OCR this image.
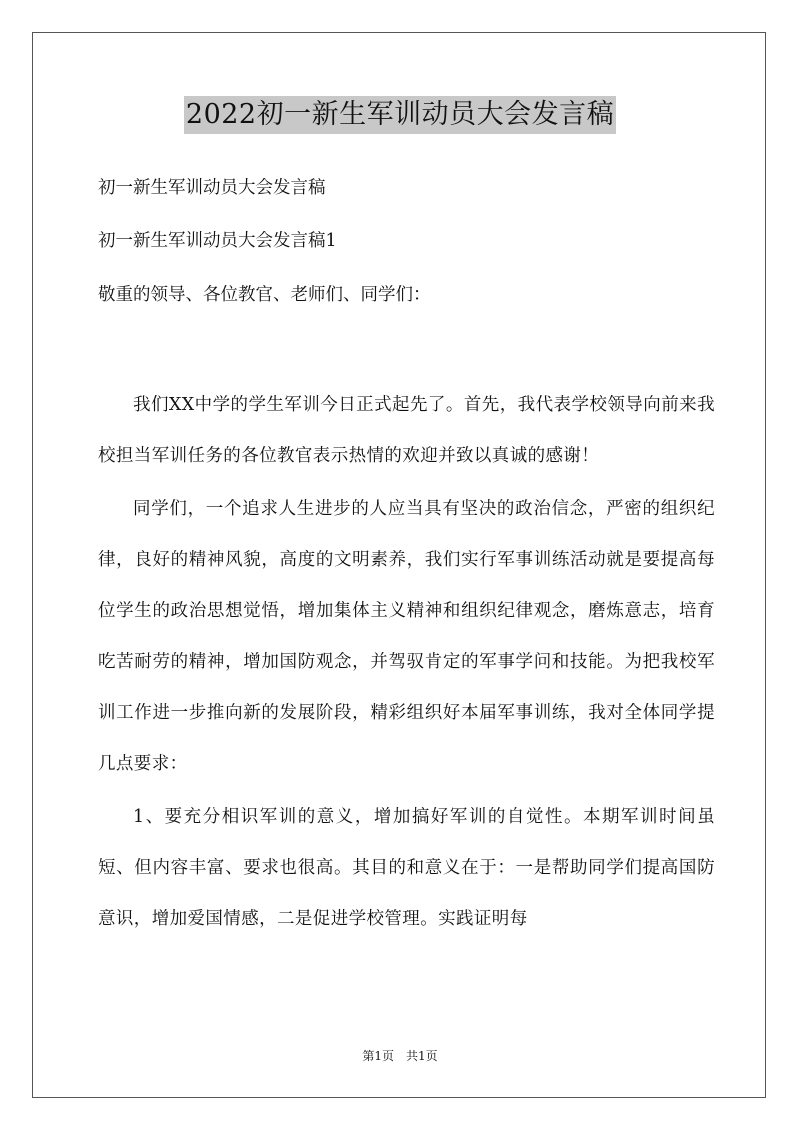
2022初一新生军训动员大会发言稿
初一新生军训动员大会发言稿
初一新生军训动员大会发言稿1
敬重的领导、各位教官、老师们、同学们：

我们XX中学的学生军训今日正式起先了。首先，我代表学校领导向前来我校担当军训任务的各位教官表示热情的欢迎并致以真诚的感谢！

同学们，一个追求人生进步的人应当具有坚决的政治信念，严密的组织纪律，良好的精神风貌，高度的文明素养，我们实行军事训练活动就是要提高每位学生的政治思想觉悟，增加集体主义精神和组织纪律观念，磨炼意志，培育吃苦耐劳的精神，增加国防观念，并驾驭肯定的军事学问和技能。为把我校军训工作进一步推向新的发展阶段，精彩组织好本届军事训练，我对全体同学提几点要求：

1、要充分相识军训的意义，增加搞好军训的自觉性。本期军训时间虽短、但内容丰富、要求也很高。其目的和意义在于：一是帮助同学们提高国防意识，增加爱国情感，二是促进学校管理。实践证明每

第1页　共1页
